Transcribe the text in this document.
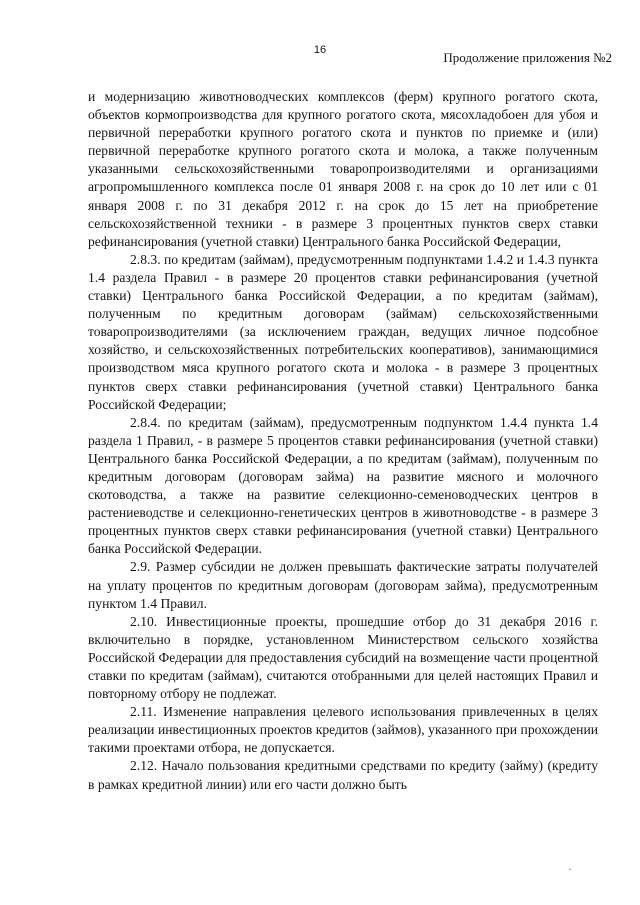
16	Продолжение приложения №2

и модернизацию животноводческих комплексов (ферм) крупного рогатого скота, объектов кормопроизводства для крупного рогатого скота, мясохладобоен для убоя и первичной переработки крупного рогатого скота и пунктов по приемке и (или) первичной переработке крупного рогатого скота и молока, а также полученным указанными сельскохозяйственными товаропроизводителями и организациями агропромышленного комплекса после 01 января 2008 г. на срок до 10 лет или с 01 января 2008 г. по 31 декабря 2012 г. на срок до 15 лет на приобретение сельскохозяйственной техники - в размере 3 процентных пунктов сверх ставки рефинансирования (учетной ставки) Центрального банка Российской Федерации,

2.8.3. по кредитам (займам), предусмотренным подпунктами 1.4.2 и 1.4.3 пункта 1.4 раздела Правил - в размере 20 процентов ставки рефинансирования (учетной ставки) Центрального банка Российской Федерации, а по кредитам (займам), полученным по кредитным договорам (займам) сельскохозяйственными товаропроизводителями (за исключением граждан, ведущих личное подсобное хозяйство, и сельскохозяйственных потребительских кооперативов), занимающимися производством мяса крупного рогатого скота и молока - в размере 3 процентных пунктов сверх ставки рефинансирования (учетной ставки) Центрального банка Российской Федерации;

2.8.4. по кредитам (займам), предусмотренным подпунктом 1.4.4 пункта 1.4 раздела 1 Правил, - в размере 5 процентов ставки рефинансирования (учетной ставки) Центрального банка Российской Федерации, а по кредитам (займам), полученным по кредитным договорам (договорам займа) на развитие мясного и молочного скотоводства, а также на развитие селекционно-семеноводческих центров в растениеводстве и селекционно-генетических центров в животноводстве - в размере 3 процентных пунктов сверх ставки рефинансирования (учетной ставки) Центрального банка Российской Федерации.

2.9. Размер субсидии не должен превышать фактические затраты получателей на уплату процентов по кредитным договорам (договорам займа), предусмотренным пунктом 1.4 Правил.

2.10. Инвестиционные проекты, прошедшие отбор до 31 декабря 2016 г. включительно в порядке, установленном Министерством сельского хозяйства Российской Федерации для предоставления субсидий на возмещение части процентной ставки по кредитам (займам), считаются отобранными для целей настоящих Правил и повторному отбору не подлежат.

2.11. Изменение направления целевого использования привлеченных в целях реализации инвестиционных проектов кредитов (займов), указанного при прохождении такими проектами отбора, не допускается.

2.12. Начало пользования кредитными средствами по кредиту (займу) (кредиту в рамках кредитной линии) или его части должно быть

·
